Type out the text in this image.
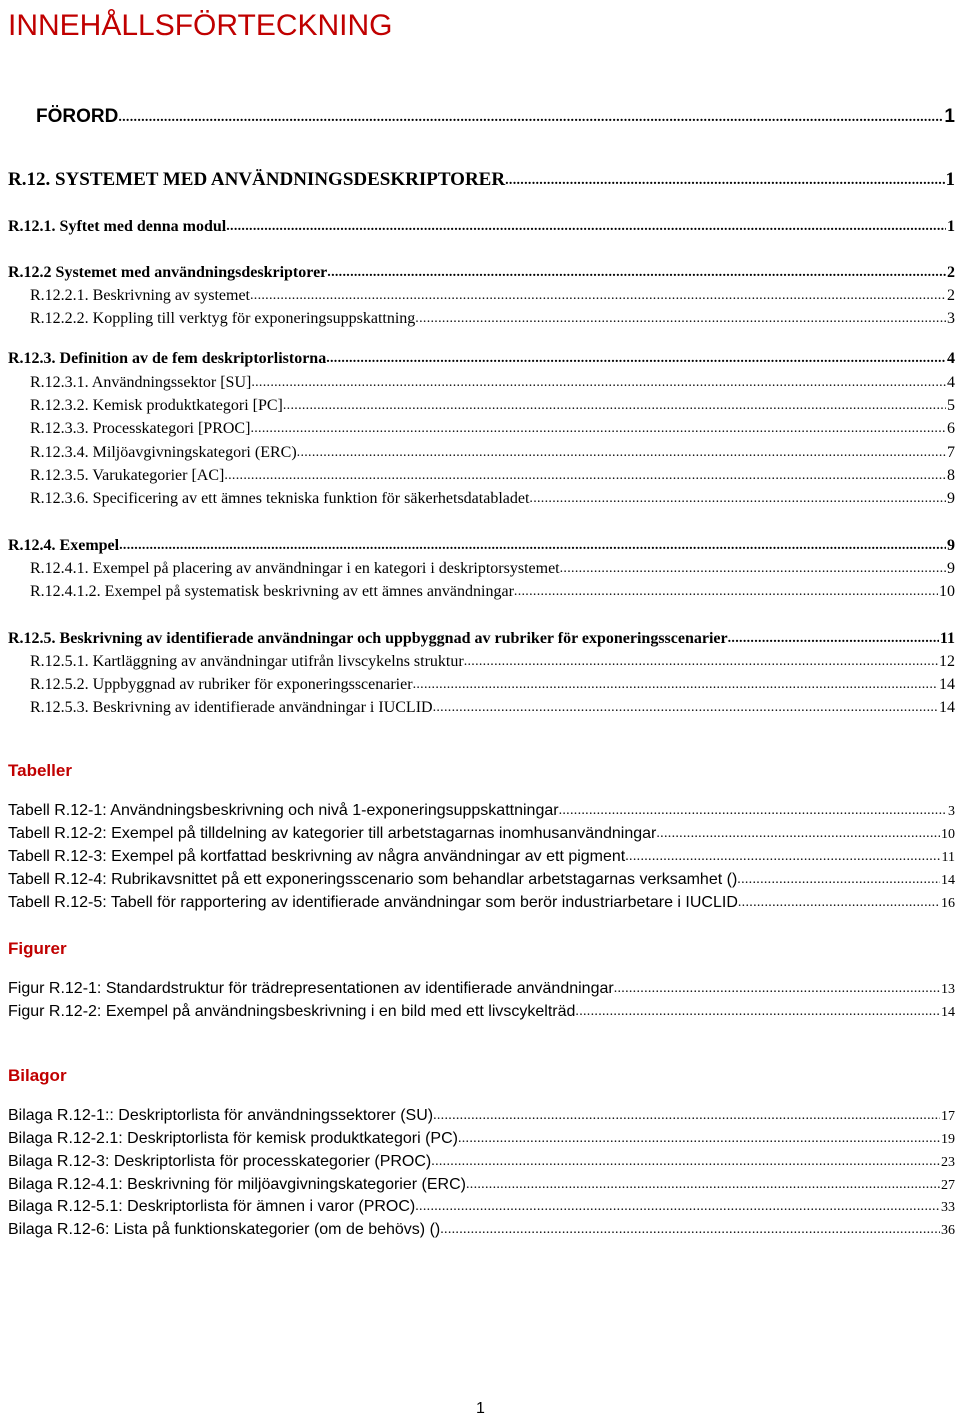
INNEHÅLLSFÖRTECKNING
FÖRORD .....	1
R.12. SYSTEMET MED ANVÄNDNINGSDESKRIPTORER .....	1
R.12.1. Syftet med denna modul .....	1
R.12.2 Systemet med användningsdeskriptorer .....	2
R.12.2.1. Beskrivning av systemet .....	2
R.12.2.2. Koppling till verktyg för exponeringsuppskattning .....	3
R.12.3. Definition av de fem deskriptorlistorna .....	4
R.12.3.1. Användningssektor [SU] .....	4
R.12.3.2. Kemisk produktkategori [PC] .....	5
R.12.3.3. Processkategori [PROC] .....	6
R.12.3.4. Miljöavgivningskategori (ERC) .....	7
R.12.3.5. Varukategorier [AC] .....	8
R.12.3.6. Specificering av ett ämnes tekniska funktion för säkerhetsdatabladet .....	9
R.12.4. Exempel .....	9
R.12.4.1. Exempel på placering av användningar i en kategori i deskriptorsystemet .....	9
R.12.4.1.2. Exempel på systematisk beskrivning av ett ämnes användningar .....	10
R.12.5. Beskrivning av identifierade användningar och uppbyggnad av rubriker för exponeringsscenarier .....	11
R.12.5.1. Kartläggning av användningar utifrån livscykelns struktur .....	12
R.12.5.2. Uppbyggnad av rubriker för exponeringsscenarier .....	14
R.12.5.3. Beskrivning av identifierade användningar i IUCLID .....	14
Tabeller
Tabell R.12-1: Användningsbeskrivning och nivå 1-exponeringsuppskattningar .....	3
Tabell R.12-2: Exempel på tilldelning av kategorier till arbetstagarnas inomhusanvändningar .....	10
Tabell R.12-3: Exempel på kortfattad beskrivning av några användningar av ett pigment .....	11
Tabell R.12-4: Rubrikavsnittet på ett exponeringsscenario som behandlar arbetstagarnas verksamhet () .....	14
Tabell R.12-5: Tabell för rapportering av identifierade användningar som berör industriarbetare i IUCLID .....	16
Figurer
Figur R.12-1: Standardstruktur för trädrepresentationen av identifierade användningar .....	13
Figur R.12-2: Exempel på användningsbeskrivning i en bild med ett livscykelträd .....	14
Bilagor
Bilaga R.12-1:: Deskriptorlista för användningssektorer (SU) .....	17
Bilaga R.12-2.1: Deskriptorlista för kemisk produktkategori (PC) .....	19
Bilaga R.12-3: Deskriptorlista för processkategorier (PROC) .....	23
Bilaga R.12-4.1: Beskrivning för miljöavgivningskategorier (ERC) .....	27
Bilaga R.12-5.1: Deskriptorlista för ämnen i varor (PROC) .....	33
Bilaga R.12-6: Lista på funktionskategorier (om de behövs) () .....	36
1
